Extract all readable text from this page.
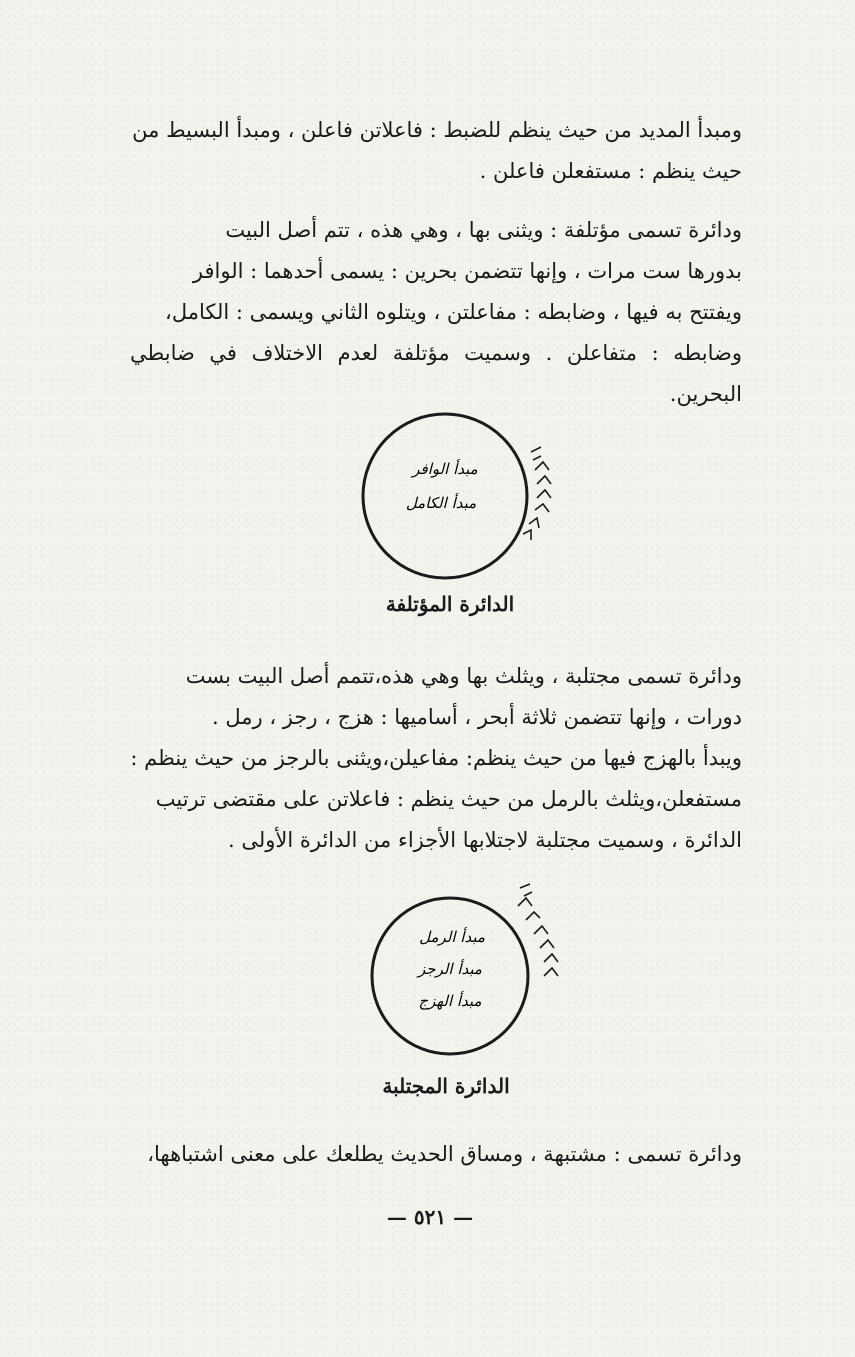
ومبدأ المديد من حيث ينظم للضبط : فاعلاتن فاعلن ، ومبدأ البسيط من
حيث ينظم : مستفعلن فاعلن .

ودائرة تسمى مؤتلفة : ويثنى بها ، وهي هذه ، تتم أصل البيت
بدورها ست مرات ، وإنها تتضمن بحرين : يسمى أحدهما : الوافر
ويفتتح به فيها ، وضابطه : مفاعلتن ، ويتلوه الثاني ويسمى : الكامل،
وضابطه : متفاعلن . وسميت مؤتلفة لعدم الاختلاف في ضابطي البحرين.

مبدأ الوافر
مبدأ الكامل

الدائرة المؤتلفة

ودائرة تسمى مجتلبة ، ويثلث بها وهي هذه،تتمم أصل البيت بست
دورات ، وإنها تتضمن ثلاثة أبحر ، أساميها : هزج ، رجز ، رمل .
ويبدأ بالهزج فيها من حيث ينظم: مفاعيلن،ويثنى بالرجز من حيث ينظم :
مستفعلن،ويثلث بالرمل من حيث ينظم : فاعلاتن على مقتضى ترتيب
الدائرة ، وسميت مجتلبة لاجتلابها الأجزاء من الدائرة الأولى .

مبدأ الرمل
مبدأ الرجز
مبدأ الهزج

الدائرة المجتلبة

ودائرة تسمى : مشتبهة ، ومساق الحديث يطلعك على معنى اشتباهها،

— ٥٢١ —
